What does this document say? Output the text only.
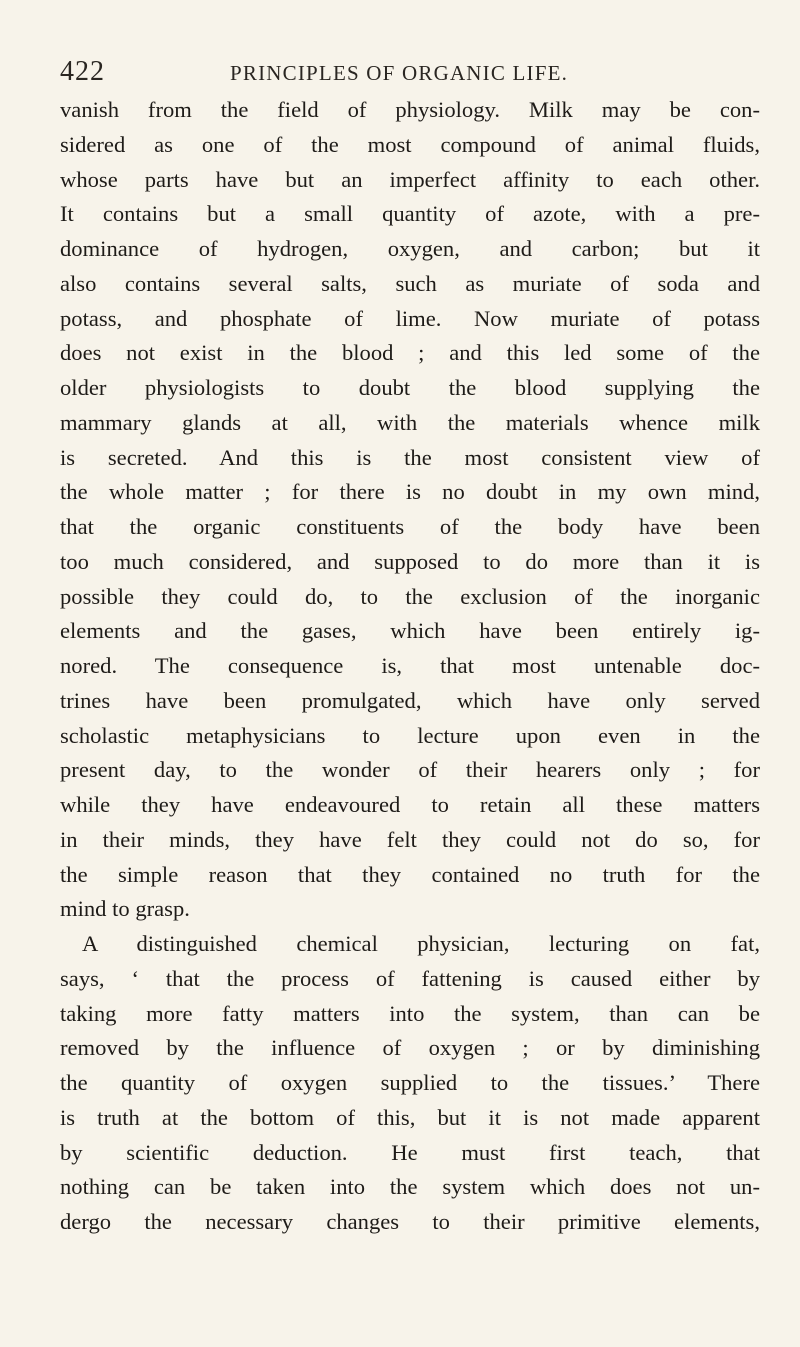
422	PRINCIPLES OF ORGANIC LIFE.
vanish from the field of physiology. Milk may be con-
sidered as one of the most compound of animal fluids,
whose parts have but an imperfect affinity to each other.
It contains but a small quantity of azote, with a pre-
dominance of hydrogen, oxygen, and carbon; but it
also contains several salts, such as muriate of soda and
potass, and phosphate of lime. Now muriate of potass
does not exist in the blood ; and this led some of the
older physiologists to doubt the blood supplying the
mammary glands at all, with the materials whence milk
is secreted. And this is the most consistent view of
the whole matter ; for there is no doubt in my own mind,
that the organic constituents of the body have been
too much considered, and supposed to do more than it is
possible they could do, to the exclusion of the inorganic
elements and the gases, which have been entirely ig-
nored. The consequence is, that most untenable doc-
trines have been promulgated, which have only served
scholastic metaphysicians to lecture upon even in the
present day, to the wonder of their hearers only ; for
while they have endeavoured to retain all these matters
in their minds, they have felt they could not do so, for
the simple reason that they contained no truth for the
mind to grasp.
A distinguished chemical physician, lecturing on fat,
says, ‘ that the process of fattening is caused either by
taking more fatty matters into the system, than can be
removed by the influence of oxygen ; or by diminishing
the quantity of oxygen supplied to the tissues.’ There
is truth at the bottom of this, but it is not made apparent
by scientific deduction. He must first teach, that
nothing can be taken into the system which does not un-
dergo the necessary changes to their primitive elements,
